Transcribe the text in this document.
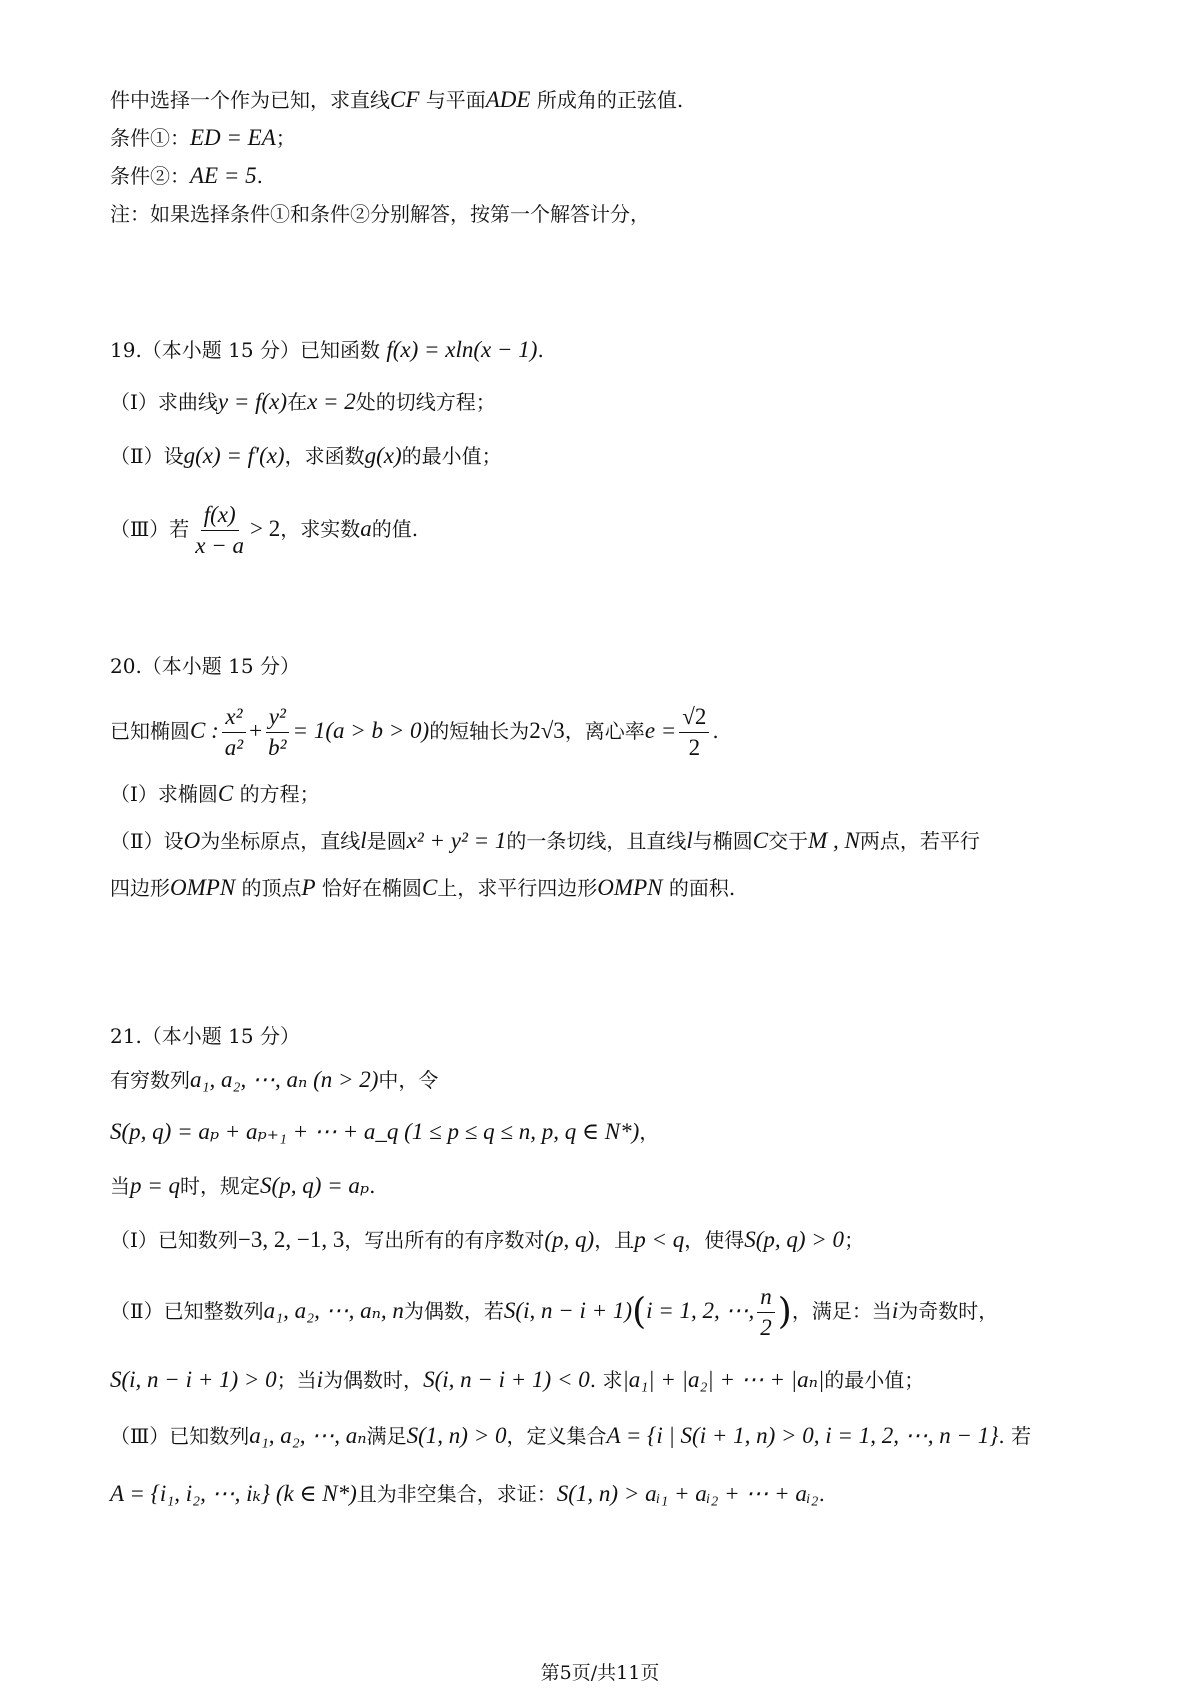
件中选择一个作为已知，求直线CF 与平面ADE 所成角的正弦值.
条件①：ED = EA；
条件②：AE = 5.
注：如果选择条件①和条件②分别解答，按第一个解答计分，
19.（本小题 15 分）已知函数 f(x) = xln(x − 1).
（Ⅰ）求曲线y = f(x)在x = 2处的切线方程；
（Ⅱ）设g(x) = f′(x)，求函数g(x)的最小值；
（Ⅲ）若 $\frac{f(x)}{x - a} > 2$，求实数a的值.
20.（本小题 15 分）
已知椭圆C : $\frac{\text{x²}}{\text{a²}} + \frac{\text{y²}}{\text{b²}} = 1(a > b > 0)$的短轴长为2√3，离心率$e = \frac{√2}{2}$ .
（Ⅰ）求椭圆C 的方程；
（Ⅱ）设O为坐标原点，直线l是圆x² + y² = 1的一条切线，且直线l与椭圆C交于M , N两点，若平行
四边形OMPN 的顶点P 恰好在椭圆C上，求平行四边形OMPN 的面积.
21.（本小题 15 分）
有穷数列a₁, a₂, ⋯, aₙ (n > 2)中，令
S(p, q) = aₚ + aₚ₊₁ + ⋯ + a_q (1 ≤ p ≤ q ≤ n, p, q ∈ N*)，
当p = q时，规定S(p, q) = aₚ.
（Ⅰ）已知数列−3, 2, −1, 3，写出所有的有序数对(p, q)，且p < q，使得S(p, q) > 0；
（Ⅱ）已知整数列a₁, a₂, ⋯, aₙ, n为偶数，若S(i, n − i + 1)(i = 1, 2, ⋯, $\frac{n}{2}$ )，满足：当i为奇数时，
S(i, n − i + 1) > 0；当i为偶数时，S(i, n − i + 1) < 0. 求|a₁| + |a₂| + ⋯ + |aₙ|的最小值；
（Ⅲ）已知数列a₁, a₂, ⋯, aₙ满足S(1, n) > 0，定义集合A = {i | S(i + 1, n) > 0, i = 1, 2, ⋯, n − 1}. 若
A = {i₁, i₂, ⋯, iₖ} (k ∈ N*)且为非空集合，求证：S(1, n) > aᵢ₁ + aᵢ₂ + ⋯ + aᵢ₂.
第5页/共11页
